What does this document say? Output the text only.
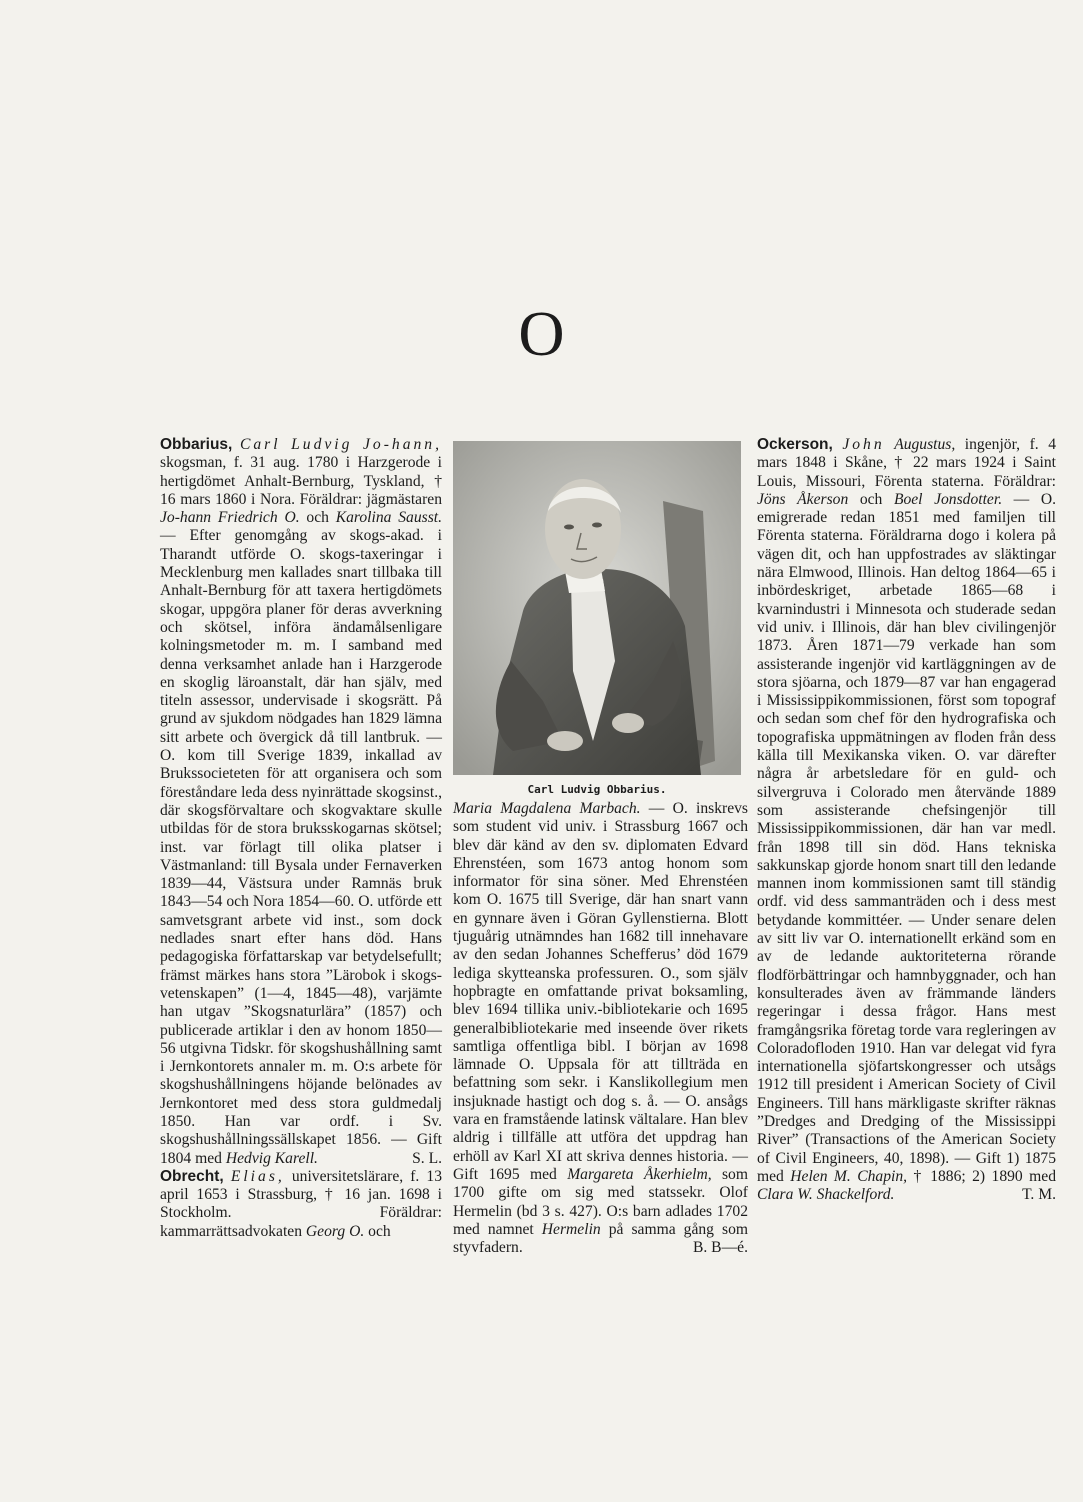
O

Obbarius, Carl Ludvig Jo-hann, skogsman, f. 31 aug. 1780 i Harzgerode i hertigdömet Anhalt-Bernburg, Tyskland, † 16 mars 1860 i Nora. Föräldrar: jägmästaren Jo-hann Friedrich O. och Karolina Sausst. — Efter genomgång av skogs-akad. i Tharandt utförde O. skogs-taxeringar i Mecklenburg men kallades snart tillbaka till Anhalt-Bernburg för att taxera hertigdömets skogar, uppgöra planer för deras avverkning och skötsel, införa ändamålsenligare kolningsmetoder m. m. I samband med denna verksamhet anlade han i Harzgerode en skoglig läroanstalt, där han själv, med titeln assessor, undervisade i skogsrätt. På grund av sjukdom nödgades han 1829 lämna sitt arbete och övergick då till lantbruk. — O. kom till Sverige 1839, inkallad av Brukssocieteten för att organisera och som föreståndare leda dess nyinrättade skogsinst., där skogsförvaltare och skogvaktare skulle utbildas för de stora bruksskogarnas skötsel; inst. var förlagt till olika platser i Västmanland: till Bysala under Fernaverken 1839—44, Västsura under Ramnäs bruk 1843—54 och Nora 1854—60. O. utförde ett samvetsgrant arbete vid inst., som dock nedlades snart efter hans död. Hans pedagogiska författarskap var betydelsefullt; främst märkes hans stora ”Lärobok i skogs-vetenskapen” (1—4, 1845—48), varjämte han utgav ”Skogsnaturlära” (1857) och publicerade artiklar i den av honom 1850—56 utgivna Tidskr. för skogshushållning samt i Jernkontorets annaler m. m. O:s arbete för skogshushållningens höjande belönades av Jernkontoret med dess stora guldmedalj 1850. Han var ordf. i Sv. skogshushållningssällskapet 1856. — Gift 1804 med Hedvig Karell.	S. L.

Obrecht, Elias, universitetslärare, f. 13 april 1653 i Strassburg, † 16 jan. 1698 i Stockholm. Föräldrar: kammarrättsadvokaten Georg O. och

Carl Ludvig Obbarius.

Maria Magdalena Marbach. — O. inskrevs som student vid univ. i Strassburg 1667 och blev där känd av den sv. diplomaten Edvard Ehrenstéen, som 1673 antog honom som informator för sina söner. Med Ehrenstéen kom O. 1675 till Sverige, där han snart vann en gynnare även i Göran Gyllenstierna. Blott tjuguårig utnämndes han 1682 till innehavare av den sedan Johannes Schefferus’ död 1679 lediga skytteanska professuren. O., som själv hopbragte en omfattande privat boksamling, blev 1694 tillika univ.-bibliotekarie och 1695 generalbibliotekarie med inseende över rikets samtliga offentliga bibl. I början av 1698 lämnade O. Uppsala för att tillträda en befattning som sekr. i Kanslikollegium men insjuknade hastigt och dog s. å. — O. ansågs vara en framstående latinsk vältalare. Han blev aldrig i tillfälle att utföra det uppdrag han erhöll av Karl XI att skriva dennes historia. — Gift 1695 med Margareta Åkerhielm, som 1700 gifte om sig med statssekr. Olof Hermelin (bd 3 s. 427). O:s barn adlades 1702 med namnet Hermelin på samma gång som styvfadern.	B. B—é.

Ockerson, John Augustus, ingenjör, f. 4 mars 1848 i Skåne, † 22 mars 1924 i Saint Louis, Missouri, Förenta staterna. Föräldrar: Jöns Åkerson och Boel Jonsdotter. — O. emigrerade redan 1851 med familjen till Förenta staterna. Föräldrarna dogo i kolera på vägen dit, och han uppfostrades av släktingar nära Elmwood, Illinois. Han deltog 1864—65 i inbördeskriget, arbetade 1865—68 i kvarnindustri i Minnesota och studerade sedan vid univ. i Illinois, där han blev civilingenjör 1873. Åren 1871—79 verkade han som assisterande ingenjör vid kartläggningen av de stora sjöarna, och 1879—87 var han engagerad i Mississippikommissionen, först som topograf och sedan som chef för den hydrografiska och topografiska uppmätningen av floden från dess källa till Mexikanska viken. O. var därefter några år arbetsledare för en guld- och silvergruva i Colorado men återvände 1889 som assisterande chefsingenjör till Mississippikommissionen, där han var medl. från 1898 till sin död. Hans tekniska sakkunskap gjorde honom snart till den ledande mannen inom kommissionen samt till ständig ordf. vid dess sammanträden och i dess mest betydande kommittéer. — Under senare delen av sitt liv var O. internationellt erkänd som en av de ledande auktoriteterna rörande flodförbättringar och hamnbyggnader, och han konsulterades även av främmande länders regeringar i dessa frågor. Hans mest framgångsrika företag torde vara regleringen av Coloradofloden 1910. Han var delegat vid fyra internationella sjöfartskongresser och utsågs 1912 till president i American Society of Civil Engineers. Till hans märkligaste skrifter räknas ”Dredges and Dredging of the Mississippi River” (Transactions of the American Society of Civil Engineers, 40, 1898). — Gift 1) 1875 med Helen M. Chapin, † 1886; 2) 1890 med Clara W. Shackelford.	T. M.
